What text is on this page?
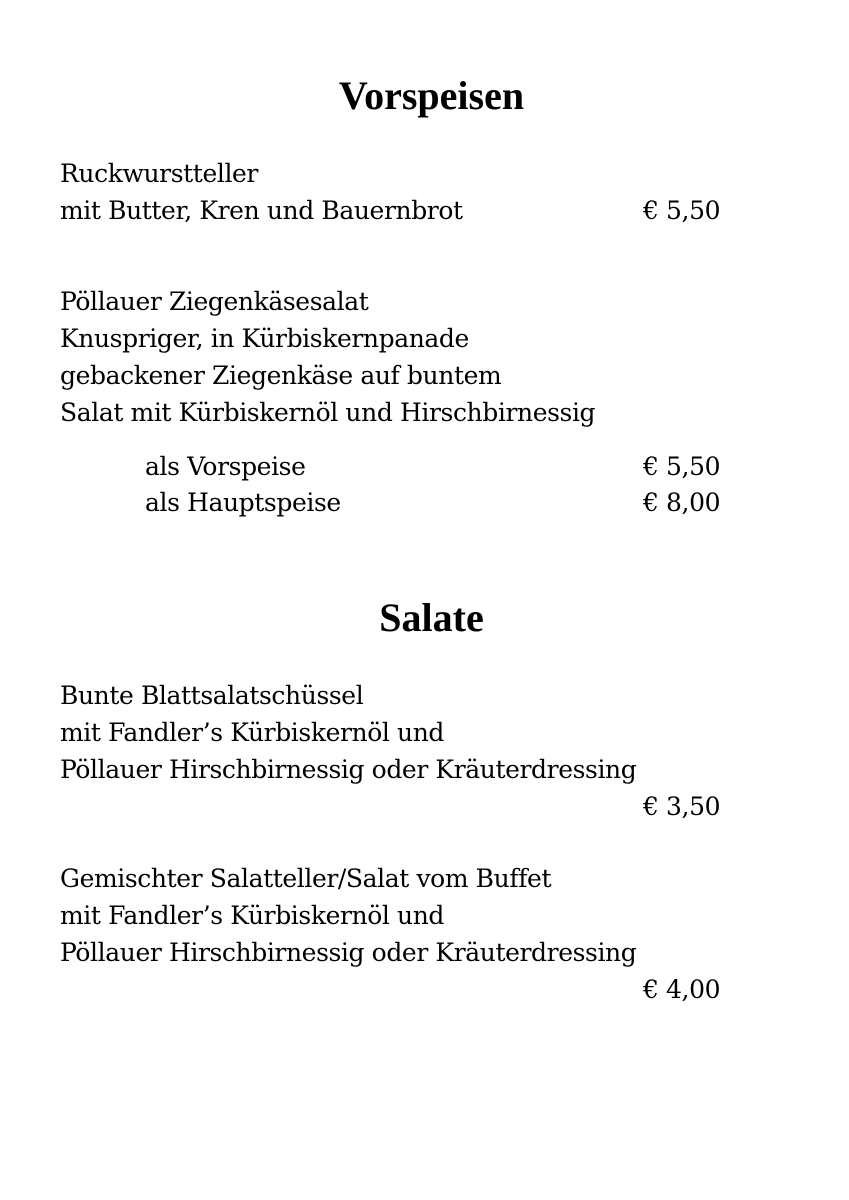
Vorspeisen
Ruckwurstteller
mit Butter, Kren und Bauernbrot	€ 5,50
Pöllauer Ziegenkäsesalat
Knuspriger, in Kürbiskernpanade
gebackener Ziegenkäse auf buntem
Salat mit Kürbiskernöl und Hirschbirnessig
als Vorspeise	€ 5,50
als Hauptspeise	€ 8,00
Salate
Bunte Blattsalatschüssel
mit Fandler’s Kürbiskernöl und
Pöllauer Hirschbirnessig oder Kräuterdressing
€ 3,50
Gemischter Salatteller/Salat vom Buffet
mit Fandler’s Kürbiskernöl und
Pöllauer Hirschbirnessig oder Kräuterdressing
€ 4,00
